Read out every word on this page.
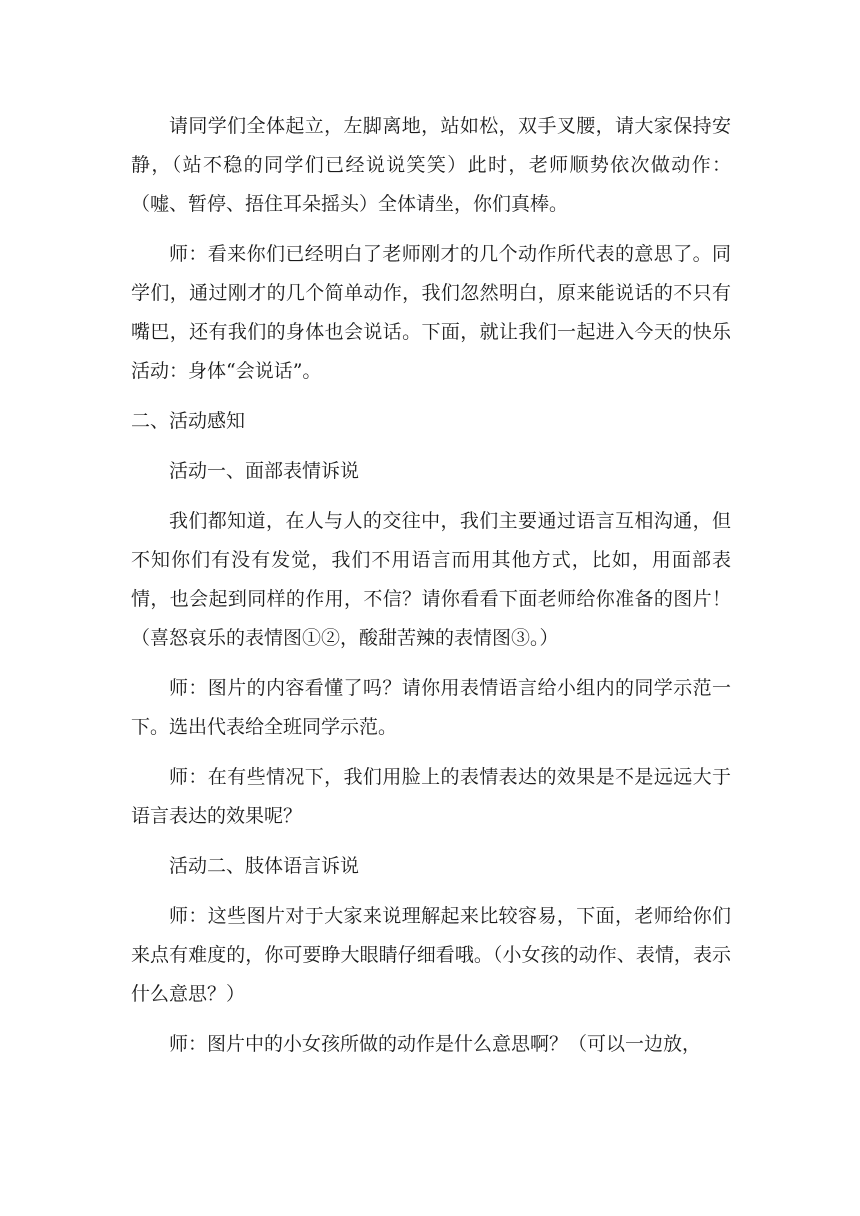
请同学们全体起立，左脚离地，站如松，双手叉腰，请大家保持安静，（站不稳的同学们已经说说笑笑）此时，老师顺势依次做动作：（嘘、暂停、捂住耳朵摇头）全体请坐，你们真棒。

师：看来你们已经明白了老师刚才的几个动作所代表的意思了。同学们，通过刚才的几个简单动作，我们忽然明白，原来能说话的不只有嘴巴，还有我们的身体也会说话。下面，就让我们一起进入今天的快乐活动：身体“会说话”。

二、活动感知

活动一、面部表情诉说

我们都知道，在人与人的交往中，我们主要通过语言互相沟通，但不知你们有没有发觉，我们不用语言而用其他方式，比如，用面部表情，也会起到同样的作用，不信？请你看看下面老师给你准备的图片！（喜怒哀乐的表情图①②，酸甜苦辣的表情图③。）

师：图片的内容看懂了吗？请你用表情语言给小组内的同学示范一下。选出代表给全班同学示范。

师：在有些情况下，我们用脸上的表情表达的效果是不是远远大于语言表达的效果呢？

活动二、肢体语言诉说

师：这些图片对于大家来说理解起来比较容易，下面，老师给你们来点有难度的，你可要睁大眼睛仔细看哦。（小女孩的动作、表情，表示什么意思？）

师：图片中的小女孩所做的动作是什么意思啊？（可以一边放，
